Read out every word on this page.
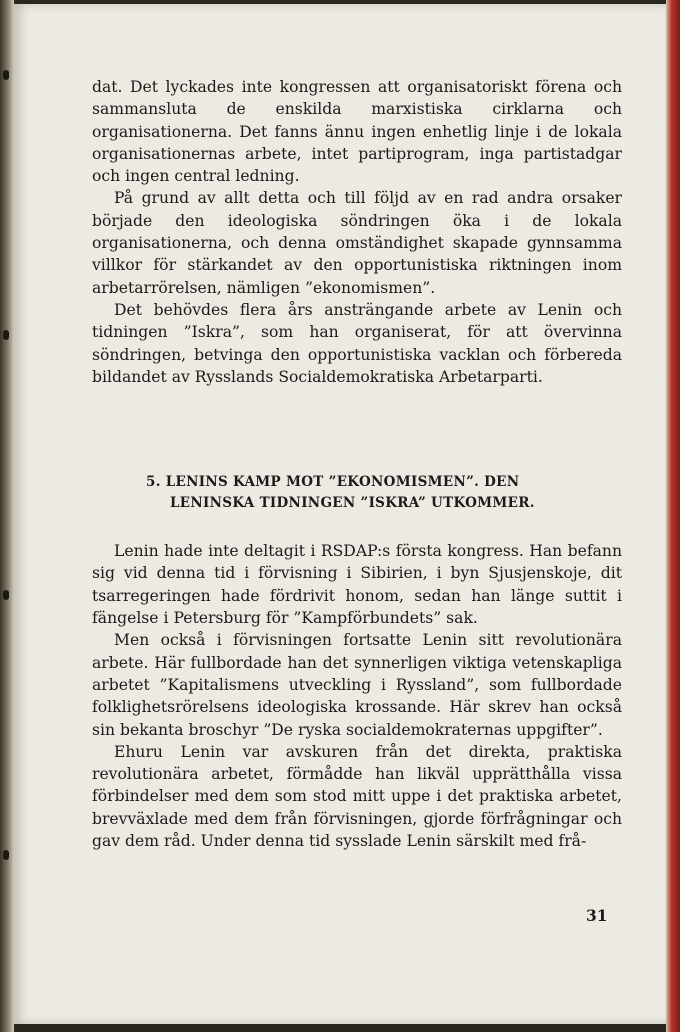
dat. Det lyckades inte kongressen att organisatoriskt förena och sammansluta de enskilda marxistiska cirklarna och organisationerna. Det fanns ännu ingen enhetlig linje i de lokala organisationernas arbete, intet partiprogram, inga partistadgar och ingen central ledning.

På grund av allt detta och till följd av en rad andra orsaker började den ideologiska söndringen öka i de lokala organisationerna, och denna omständighet skapade gynnsamma villkor för stärkandet av den opportunistiska riktningen inom arbetarrörelsen, nämligen ”ekonomismen”.

Det behövdes flera års ansträngande arbete av Lenin och tidningen ”Iskra”, som han organiserat, för att övervinna söndringen, betvinga den opportunistiska vacklan och förbereda bildandet av Rysslands Socialdemokratiska Arbetarparti.

5. LENINS KAMP MOT ”EKONOMISMEN”. DEN
LENINSKA TIDNINGEN ”ISKRA” UTKOMMER.

Lenin hade inte deltagit i RSDAP:s första kongress. Han befann sig vid denna tid i förvisning i Sibirien, i byn Sjusjenskoje, dit tsarregeringen hade fördrivit honom, sedan han länge suttit i fängelse i Petersburg för ”Kampförbundets” sak.

Men också i förvisningen fortsatte Lenin sitt revolutionära arbete. Här fullbordade han det synnerligen viktiga vetenskapliga arbetet ”Kapitalismens utveckling i Ryssland”, som fullbordade folklighetsrörelsens ideologiska krossande. Här skrev han också sin bekanta broschyr ”De ryska socialdemokraternas uppgifter”.

Ehuru Lenin var avskuren från det direkta, praktiska revolutionära arbetet, förmådde han likväl upprätthålla vissa förbindelser med dem som stod mitt uppe i det praktiska arbetet, brevväxlade med dem från förvisningen, gjorde förfrågningar och gav dem råd. Under denna tid sysslade Lenin särskilt med frå-

31
